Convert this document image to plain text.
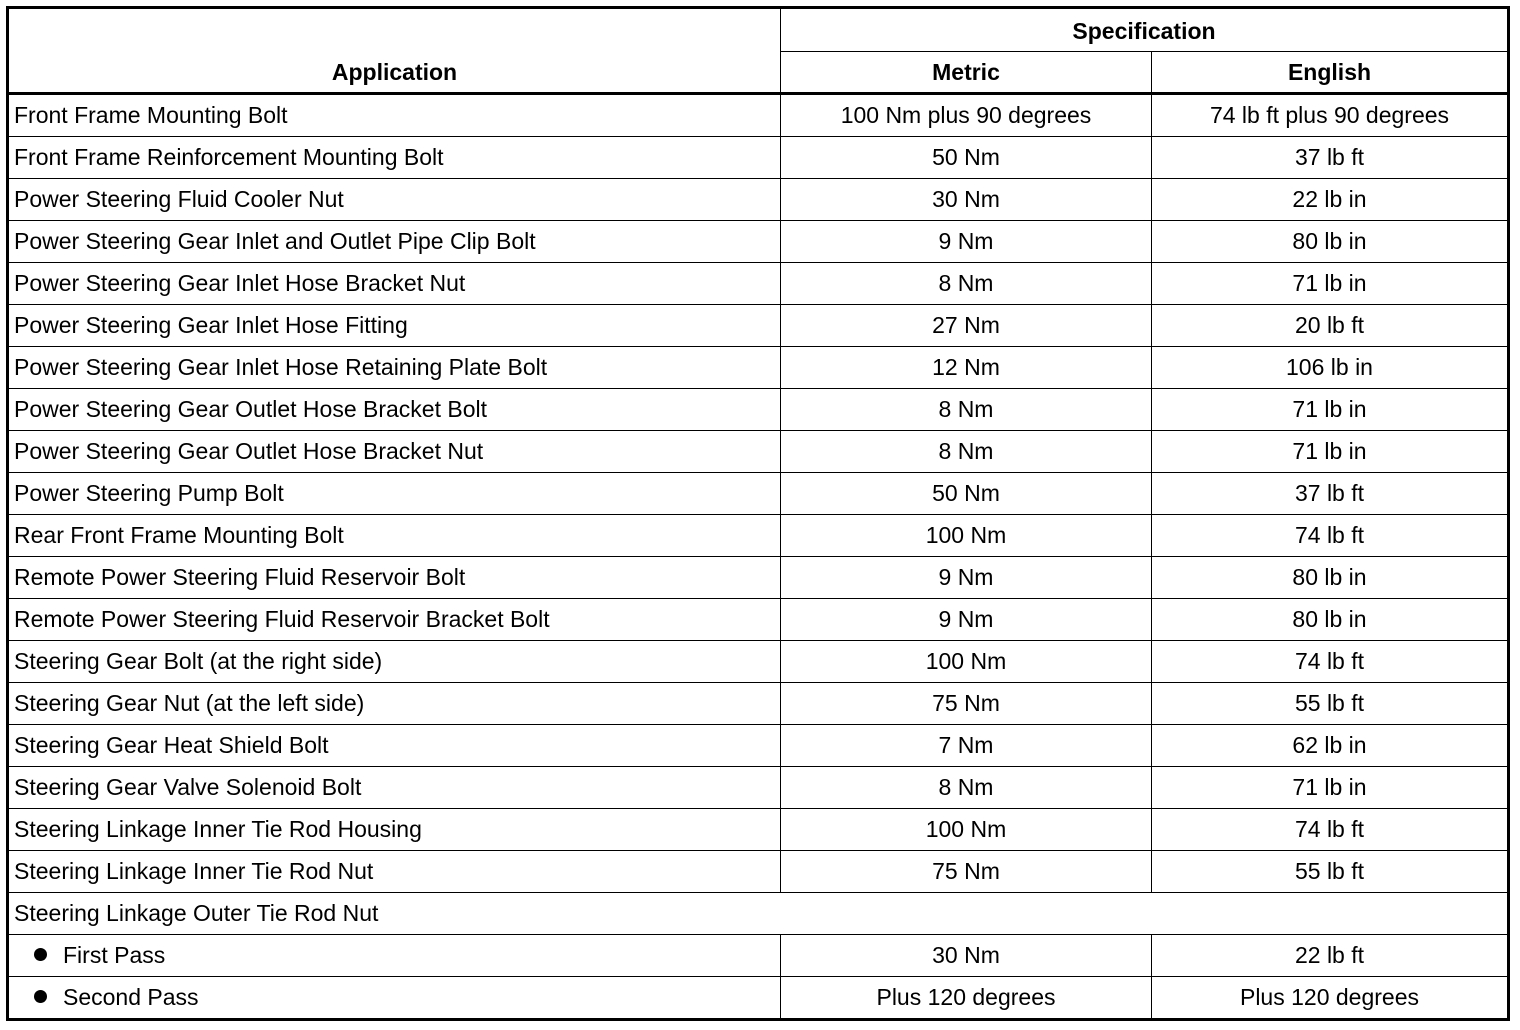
Application	Specification	
	Metric	English
Front Frame Mounting Bolt	100 Nm plus 90 degrees	74 lb ft plus 90 degrees
Front Frame Reinforcement Mounting Bolt	50 Nm	37 lb ft
Power Steering Fluid Cooler Nut	30 Nm	22 lb in
Power Steering Gear Inlet and Outlet Pipe Clip Bolt	9 Nm	80 lb in
Power Steering Gear Inlet Hose Bracket Nut	8 Nm	71 lb in
Power Steering Gear Inlet Hose Fitting	27 Nm	20 lb ft
Power Steering Gear Inlet Hose Retaining Plate Bolt	12 Nm	106 lb in
Power Steering Gear Outlet Hose Bracket Bolt	8 Nm	71 lb in
Power Steering Gear Outlet Hose Bracket Nut	8 Nm	71 lb in
Power Steering Pump Bolt	50 Nm	37 lb ft
Rear Front Frame Mounting Bolt	100 Nm	74 lb ft
Remote Power Steering Fluid Reservoir Bolt	9 Nm	80 lb in
Remote Power Steering Fluid Reservoir Bracket Bolt	9 Nm	80 lb in
Steering Gear Bolt (at the right side)	100 Nm	74 lb ft
Steering Gear Nut (at the left side)	75 Nm	55 lb ft
Steering Gear Heat Shield Bolt	7 Nm	62 lb in
Steering Gear Valve Solenoid Bolt	8 Nm	71 lb in
Steering Linkage Inner Tie Rod Housing	100 Nm	74 lb ft
Steering Linkage Inner Tie Rod Nut	75 Nm	55 lb ft
Steering Linkage Outer Tie Rod Nut		
First Pass	30 Nm	22 lb ft
Second Pass	Plus 120 degrees	Plus 120 degrees
